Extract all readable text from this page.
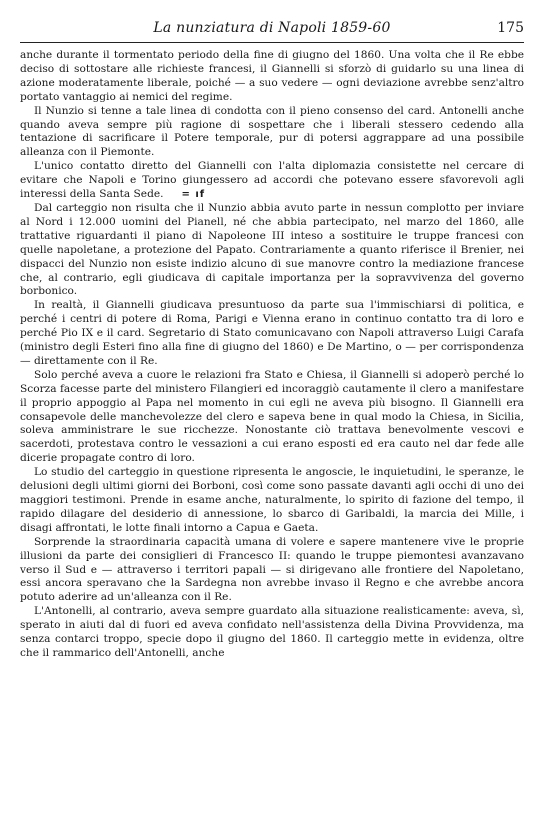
La nunziatura di Napoli 1859-60	175

anche durante il tormentato periodo della fine di giugno del 1860. Una volta che il Re ebbe deciso di sottostare alle richieste francesi, il Giannelli si sforzò di guidarlo su una linea di azione moderatamente liberale, poiché — a suo vedere — ogni deviazione avrebbe senz'altro portato vantaggio ai nemici del regime.

Il Nunzio si tenne a tale linea di condotta con il pieno consenso del card. Antonelli anche quando aveva sempre più ragione di sospettare che i liberali stessero cedendo alla tentazione di sacrificare il Potere temporale, pur di potersi aggrappare ad una possibile alleanza con il Piemonte.

L'unico contatto diretto del Giannelli con l'alta diplomazia consistette nel cercare di evitare che Napoli e Torino giungessero ad accordi che potevano essere sfavorevoli agli interessi della Santa Sede. = ıf

Dal carteggio non risulta che il Nunzio abbia avuto parte in nessun complotto per inviare al Nord i 12.000 uomini del Pianell, né che abbia partecipato, nel marzo del 1860, alle trattative riguardanti il piano di Napoleone III inteso a sostituire le truppe francesi con quelle napoletane, a protezione del Papato. Contrariamente a quanto riferisce il Brenier, nei dispacci del Nunzio non esiste indizio alcuno di sue manovre contro la mediazione francese che, al contrario, egli giudicava di capitale importanza per la sopravvivenza del governo borbonico.

In realtà, il Giannelli giudicava presuntuoso da parte sua l'immischiarsi di politica, e perché i centri di potere di Roma, Parigi e Vienna erano in continuo contatto tra di loro e perché Pio IX e il card. Segretario di Stato comunicavano con Napoli attraverso Luigi Carafa (ministro degli Esteri fino alla fine di giugno del 1860) e De Martino, o — per corrispondenza — direttamente con il Re.

Solo perché aveva a cuore le relazioni fra Stato e Chiesa, il Giannelli si adoperò perché lo Scorza facesse parte del ministero Filangieri ed incoraggiò cautamente il clero a manifestare il proprio appoggio al Papa nel momento in cui egli ne aveva più bisogno. Il Giannelli era consapevole delle manchevolezze del clero e sapeva bene in qual modo la Chiesa, in Sicilia, soleva amministrare le sue ricchezze. Nonostante ciò trattava benevolmente vescovi e sacerdoti, protestava contro le vessazioni a cui erano esposti ed era cauto nel dar fede alle dicerie propagate contro di loro.

Lo studio del carteggio in questione ripresenta le angoscie, le inquietudini, le speranze, le delusioni degli ultimi giorni dei Borboni, così come sono passate davanti agli occhi di uno dei maggiori testimoni. Prende in esame anche, naturalmente, lo spirito di fazione del tempo, il rapido dilagare del desiderio di annessione, lo sbarco di Garibaldi, la marcia dei Mille, i disagi affrontati, le lotte finali intorno a Capua e Gaeta.

Sorprende la straordinaria capacità umana di volere e sapere mantenere vive le proprie illusioni da parte dei consiglieri di Francesco II: quando le truppe piemontesi avanzavano verso il Sud e — attraverso i territori papali — si dirigevano alle frontiere del Napoletano, essi ancora speravano che la Sardegna non avrebbe invaso il Regno e che avrebbe ancora potuto aderire ad un'alleanza con il Re.

L'Antonelli, al contrario, aveva sempre guardato alla situazione realisticamente: aveva, sì, sperato in aiuti dal di fuori ed aveva confidato nell'assistenza della Divina Provvidenza, ma senza contarci troppo, specie dopo il giugno del 1860. Il carteggio mette in evidenza, oltre che il rammarico dell'Antonelli, anche
